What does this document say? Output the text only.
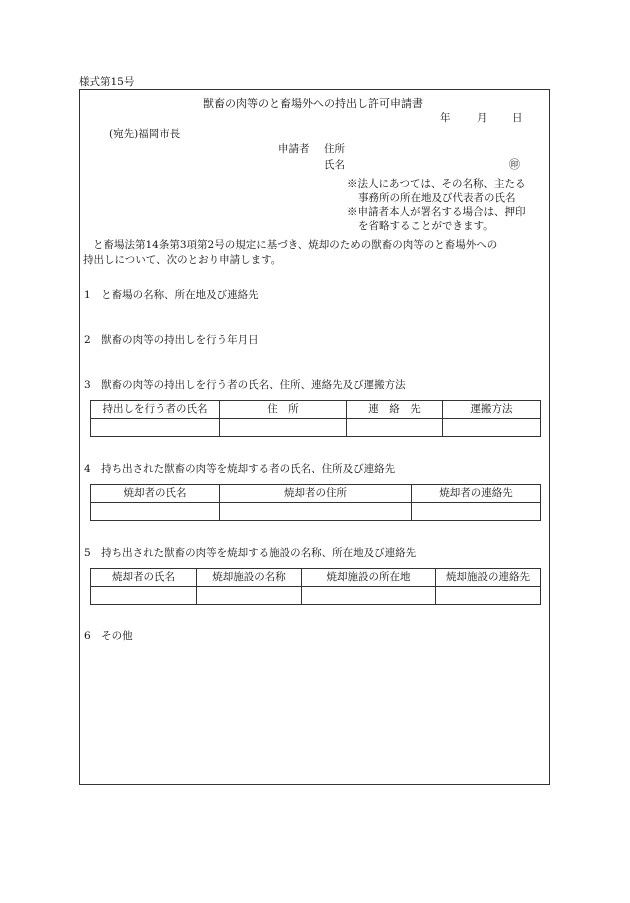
様式第15号
獣畜の肉等のと畜場外への持出し許可申請書
年	月 日
(宛先)福岡市長
申請者 住所
氏名	㊞
※法人にあつては、その名称、主たる
事務所の所在地及び代表者の氏名
※申請者本人が署名する場合は、押印
を省略することができます。
と畜場法第14条第3項第2号の規定に基づき、焼却のための獣畜の肉等のと畜場外への
持出しについて、次のとおり申請します。
1　と畜場の名称、所在地及び連絡先
2　獣畜の肉等の持出しを行う年月日
3　獣畜の肉等の持出しを行う者の氏名、住所、連絡先及び運搬方法
持出しを行う者の氏名	住　所	連　絡　先	運搬方法

4　持ち出された獣畜の肉等を焼却する者の氏名、住所及び連絡先
焼却者の氏名	焼却者の住所	焼却者の連絡先

5　持ち出された獣畜の肉等を焼却する施設の名称、所在地及び連絡先
焼却者の氏名	焼却施設の名称	焼却施設の所在地	焼却施設の連絡先

6　その他
